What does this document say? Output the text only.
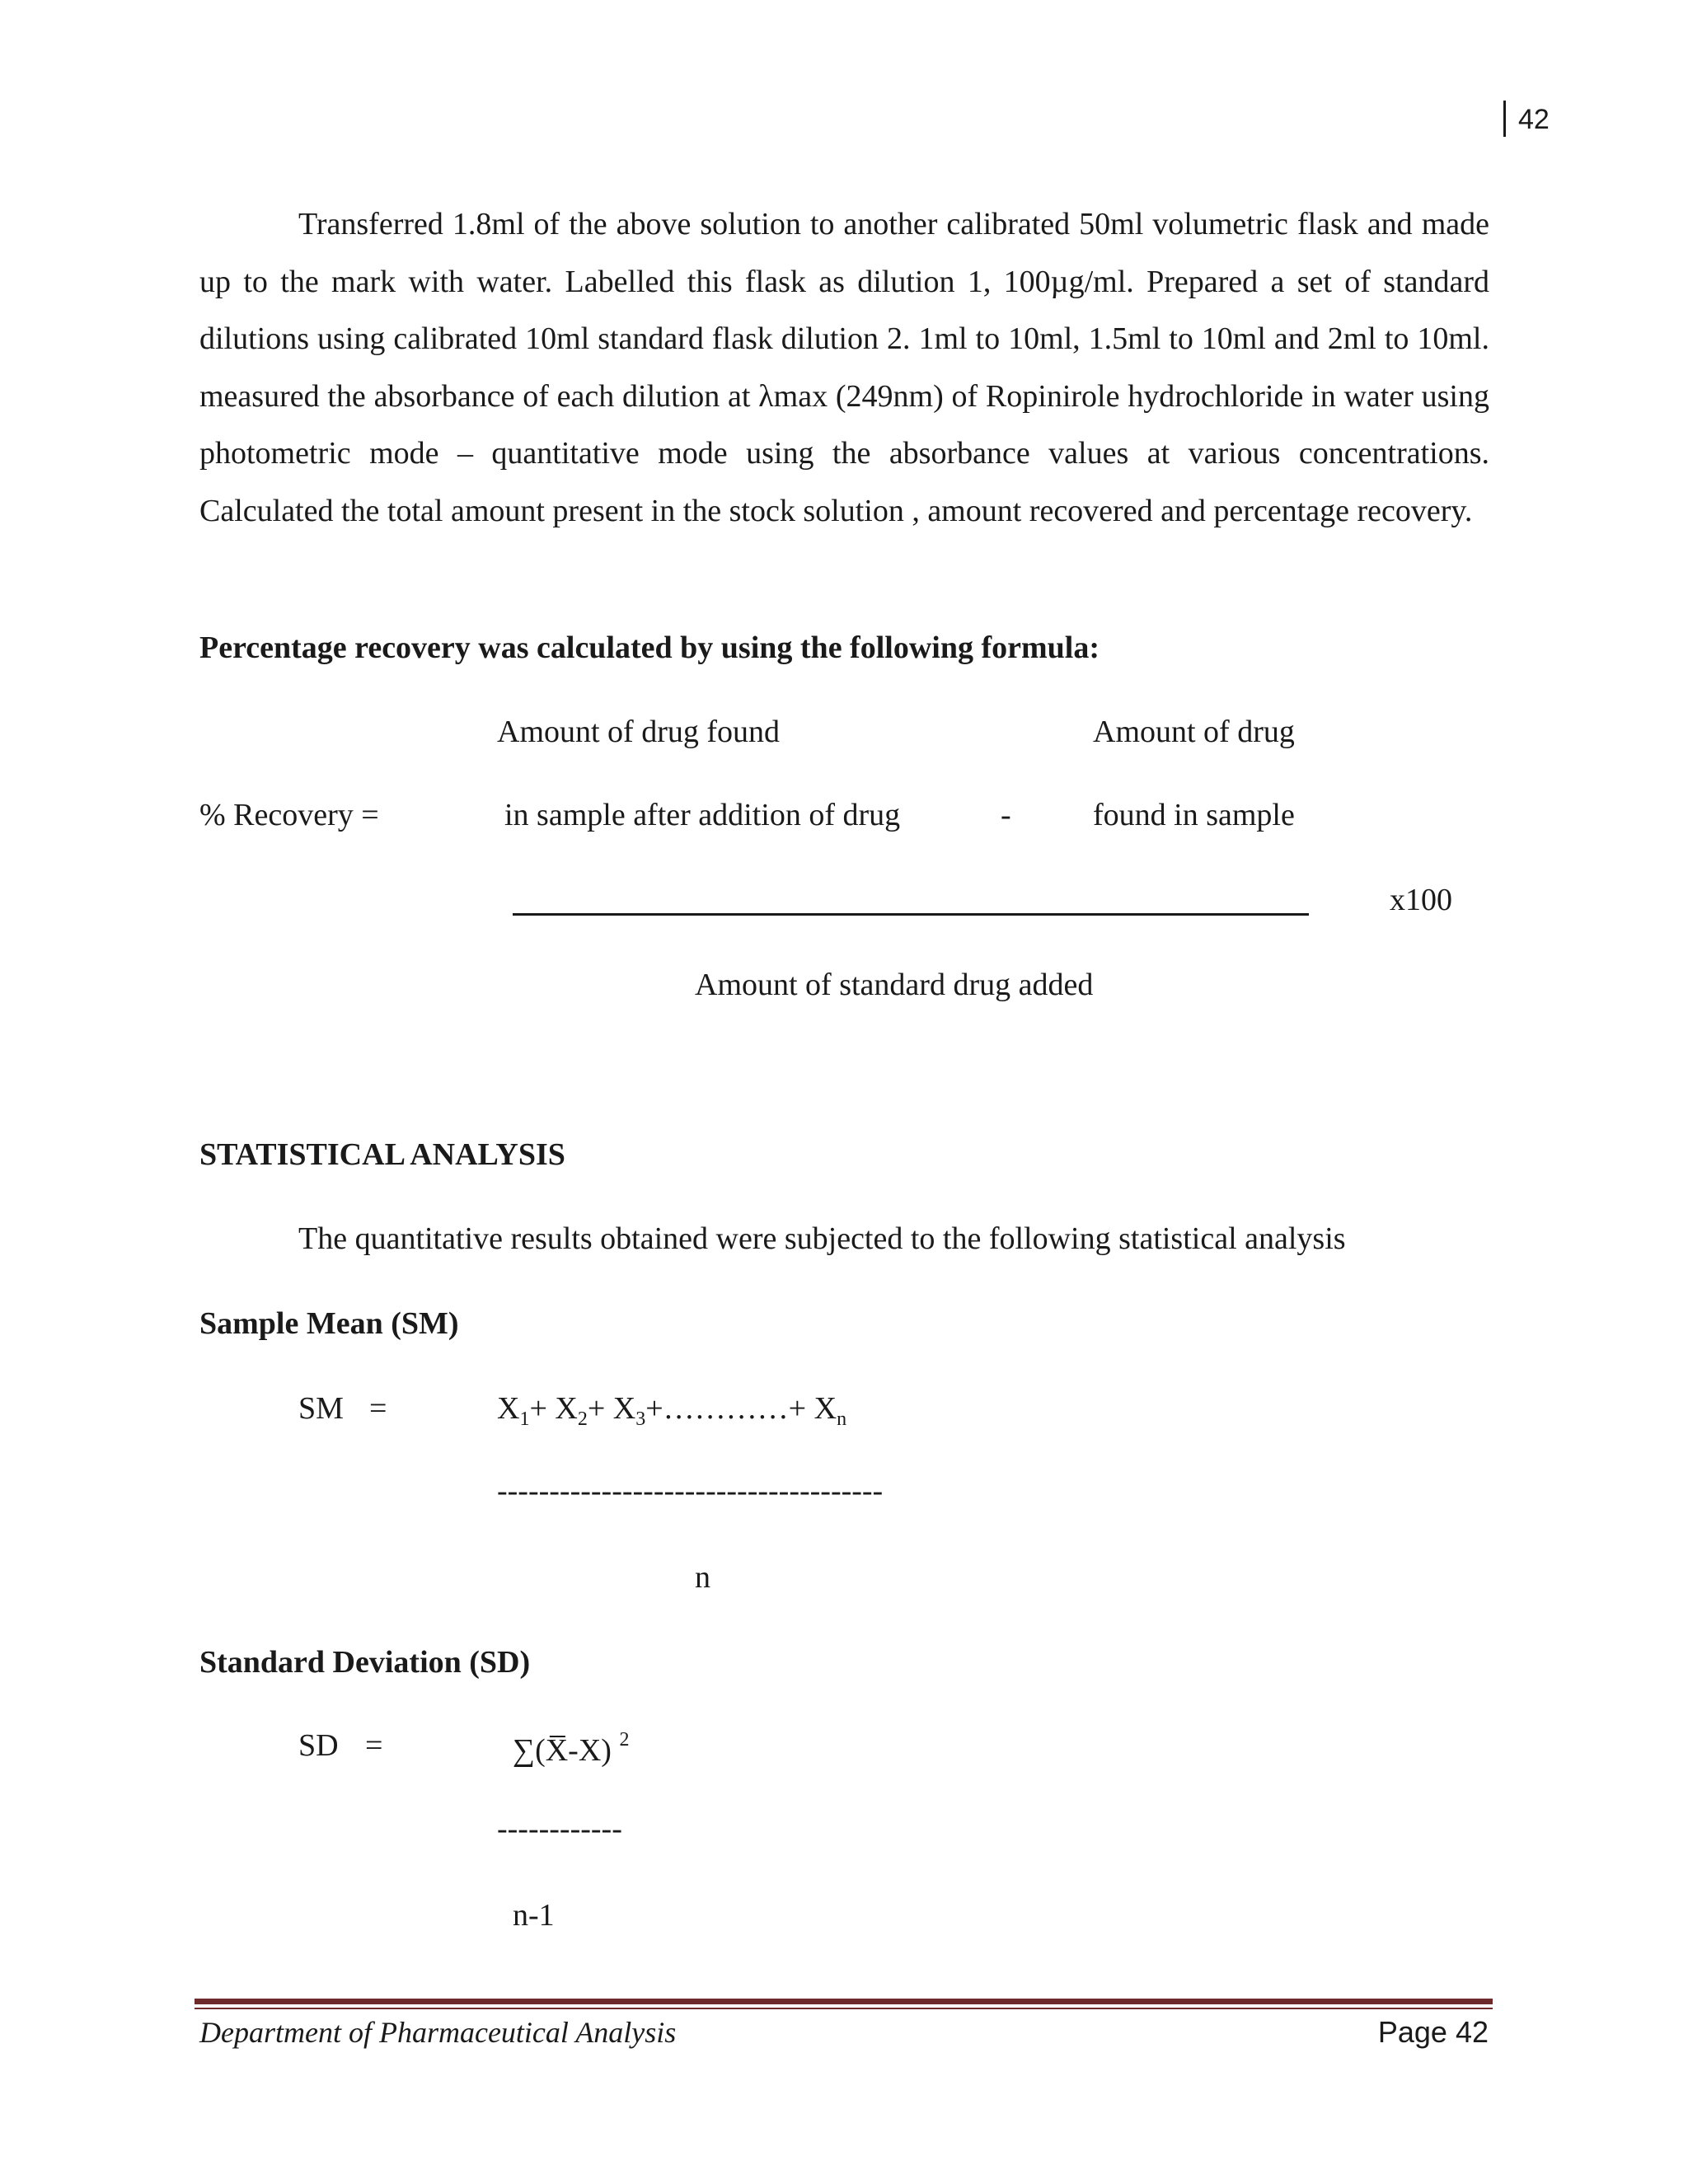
42
Transferred 1.8ml of the above solution to another calibrated 50ml volumetric flask and made up to the mark with water. Labelled this flask as dilution 1, 100µg/ml. Prepared a set of standard dilutions using calibrated 10ml standard flask dilution 2. 1ml to 10ml, 1.5ml to 10ml and 2ml to 10ml. measured the absorbance of each dilution at λmax (249nm) of Ropinirole hydrochloride in water using photometric mode – quantitative mode using the absorbance values at various concentrations. Calculated the total amount present in the stock solution , amount recovered and percentage recovery.
Percentage recovery was calculated by using the following formula:
Amount of drug found	Amount of drug
% Recovery =	in sample after addition of drug	-	found in sample
x100
Amount of standard drug added
STATISTICAL ANALYSIS
The quantitative results obtained were subjected to the following statistical analysis
Sample Mean (SM)
SM =	$X_1+ X_2+$ $X_3+\dots\dots\dots\dots+ X_n$
-------------------------------------
n
Standard Deviation (SD)
SD =	∑(X̅-X) $^2$
------------
n-1
Department of Pharmaceutical Analysis	Page 42
